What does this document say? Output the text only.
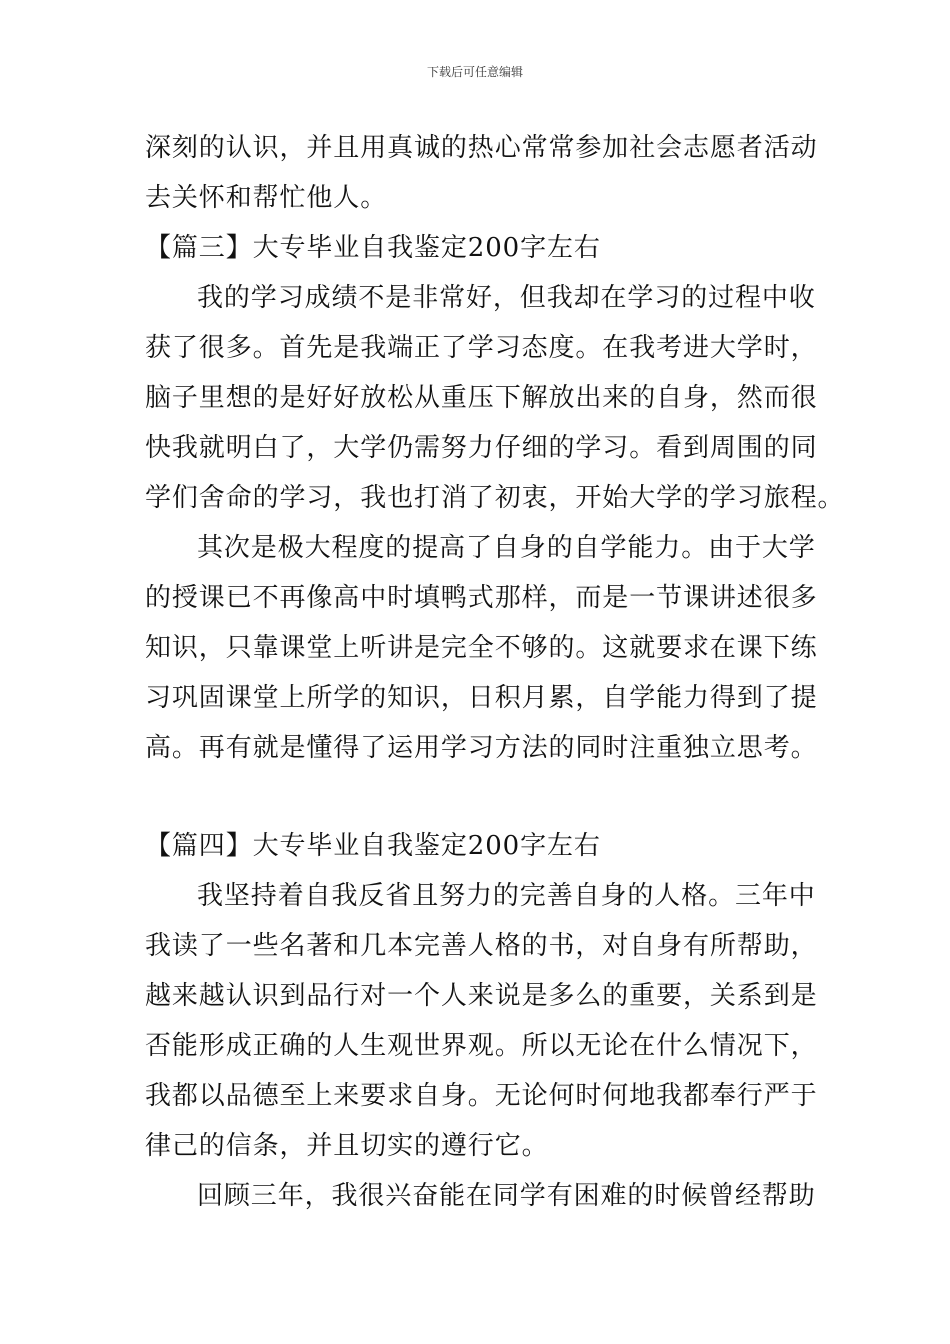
下载后可任意编辑
深刻的认识，并且用真诚的热心常常参加社会志愿者活动
去关怀和帮忙他人。
【篇三】大专毕业自我鉴定200字左右
我的学习成绩不是非常好，但我却在学习的过程中收
获了很多。首先是我端正了学习态度。在我考进大学时，
脑子里想的是好好放松从重压下解放出来的自身，然而很
快我就明白了，大学仍需努力仔细的学习。看到周围的同
学们舍命的学习，我也打消了初衷，开始大学的学习旅程。
其次是极大程度的提高了自身的自学能力。由于大学
的授课已不再像高中时填鸭式那样，而是一节课讲述很多
知识，只靠课堂上听讲是完全不够的。这就要求在课下练
习巩固课堂上所学的知识，日积月累，自学能力得到了提
高。再有就是懂得了运用学习方法的同时注重独立思考。
【篇四】大专毕业自我鉴定200字左右
我坚持着自我反省且努力的完善自身的人格。三年中
我读了一些名著和几本完善人格的书，对自身有所帮助，
越来越认识到品行对一个人来说是多么的重要，关系到是
否能形成正确的人生观世界观。所以无论在什么情况下，
我都以品德至上来要求自身。无论何时何地我都奉行严于
律己的信条，并且切实的遵行它。
回顾三年，我很兴奋能在同学有困难的时候曾经帮助
